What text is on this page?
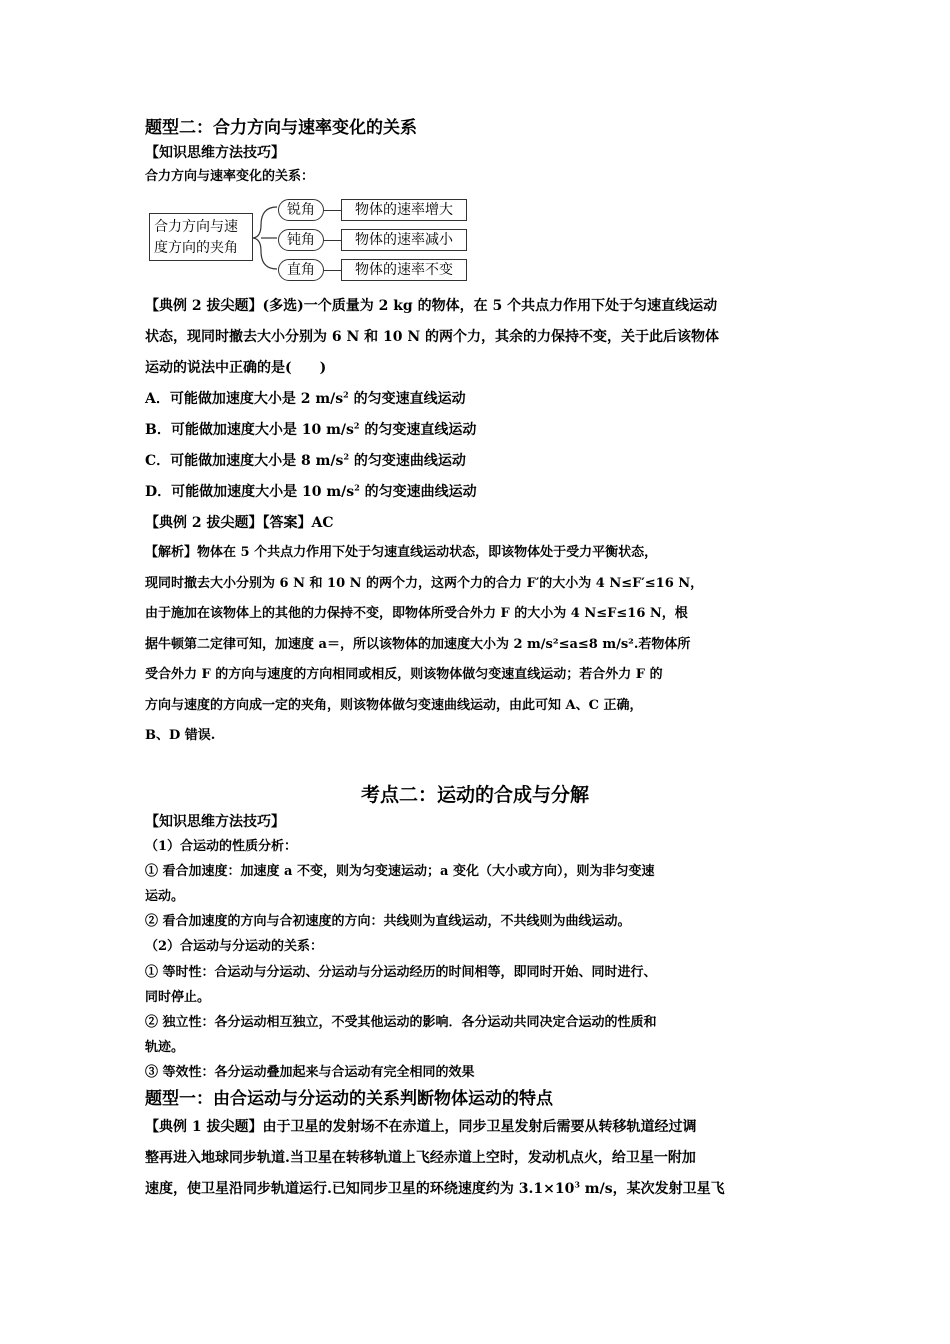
题型二：合力方向与速率变化的关系
【知识思维方法技巧】
合力方向与速率变化的关系：
合力方向与速
度方向的夹角
锐角	物体的速率增大
钝角	物体的速率减小
直角	物体的速率不变
【典例 2 拔尖题】(多选)一个质量为 2 kg 的物体，在 5 个共点力作用下处于匀速直线运动
状态，现同时撤去大小分别为 6 N 和 10 N 的两个力，其余的力保持不变，关于此后该物体
运动的说法中正确的是(　　)
A．可能做加速度大小是 2 $m/s^2$ 的匀变速直线运动
B．可能做加速度大小是 10 $m/s^2$ 的匀变速直线运动
C．可能做加速度大小是 8 $m/s^2$ 的匀变速曲线运动
D．可能做加速度大小是 10 $m/s^2$ 的匀变速曲线运动
【典例 2 拔尖题】【答案】AC
【解析】物体在 5 个共点力作用下处于匀速直线运动状态，即该物体处于受力平衡状态，
现同时撤去大小分别为 6 N 和 10 N 的两个力，这两个力的合力 F′的大小为 4 N≤F′≤16 N，
由于施加在该物体上的其他的力保持不变，即物体所受合外力 F 的大小为 4 N≤F≤16 N，根
据牛顿第二定律可知，加速度 a＝，所以该物体的加速度大小为 2 m/s²≤a≤8 m/s².若物体所
受合外力 F 的方向与速度的方向相同或相反，则该物体做匀变速直线运动；若合外力 F 的
方向与速度的方向成一定的夹角，则该物体做匀变速曲线运动，由此可知 A、C 正确，
B、D 错误.
考点二：运动的合成与分解
【知识思维方法技巧】
（1）合运动的性质分析：
① 看合加速度：加速度 a 不变，则为匀变速运动；a 变化（大小或方向），则为非匀变速
运动。
② 看合加速度的方向与合初速度的方向：共线则为直线运动，不共线则为曲线运动。
（2）合运动与分运动的关系：
① 等时性：合运动与分运动、分运动与分运动经历的时间相等，即同时开始、同时进行、
同时停止。
② 独立性：各分运动相互独立，不受其他运动的影响．各分运动共同决定合运动的性质和
轨迹。
③ 等效性：各分运动叠加起来与合运动有完全相同的效果
题型一：由合运动与分运动的关系判断物体运动的特点
【典例 1 拔尖题】由于卫星的发射场不在赤道上，同步卫星发射后需要从转移轨道经过调
整再进入地球同步轨道.当卫星在转移轨道上飞经赤道上空时，发动机点火，给卫星一附加
速度，使卫星沿同步轨道运行.已知同步卫星的环绕速度约为 $3.1\times 10^3$ m/s，某次发射卫星飞
